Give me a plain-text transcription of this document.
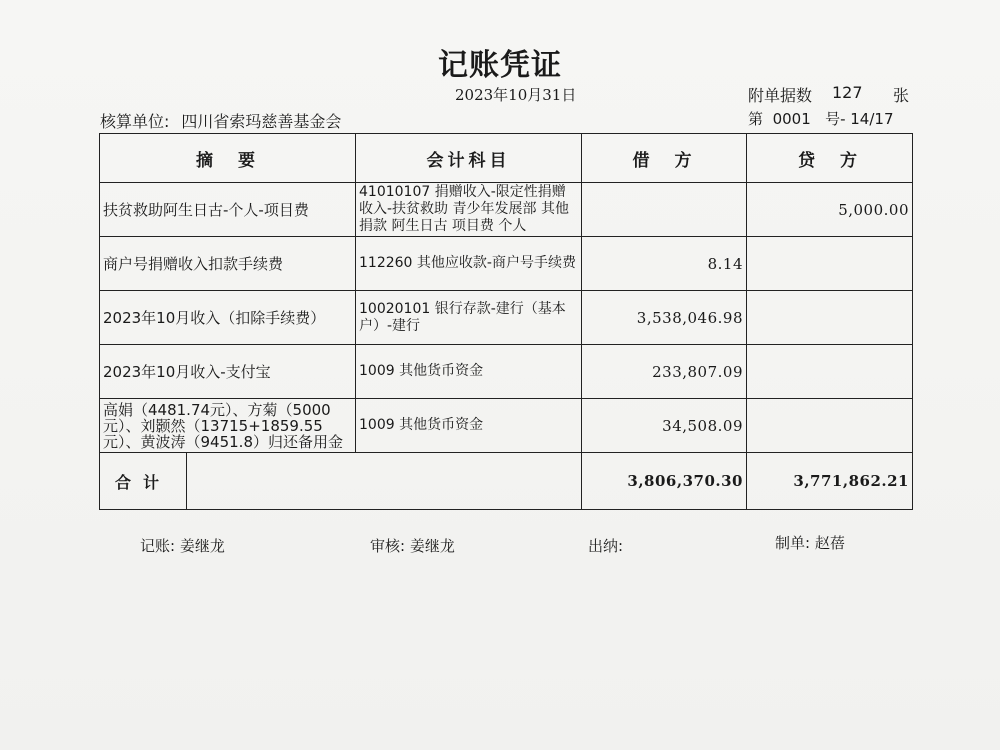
记账凭证
2023年10月31日	附单据数 127 张
第 0001 号- 14/17
核算单位: 四川省索玛慈善基金会
摘　要	会计科目	借　方	贷　方
扶贫救助阿生日古-个人-项目费	41010107 捐赠收入-限定性捐赠收入-扶贫救助 青少年发展部 其他捐款 阿生日古 项目费 个人		5,000.00
商户号捐赠收入扣款手续费	112260 其他应收款-商户号手续费	8.14	
2023年10月收入（扣除手续费）	10020101 银行存款-建行（基本户）-建行	3,538,046.98	
2023年10月收入-支付宝	1009 其他货币资金	233,807.09	
高娟（4481.74元）、方菊（5000元）、刘颢然（13715+1859.55元）、黄波涛（9451.8）归还备用金	1009 其他货币资金	34,508.09	

合计		3,806,370.30	3,771,862.21
记账: 姜继龙	审核: 姜继龙	出纳:	制单: 赵蓓
